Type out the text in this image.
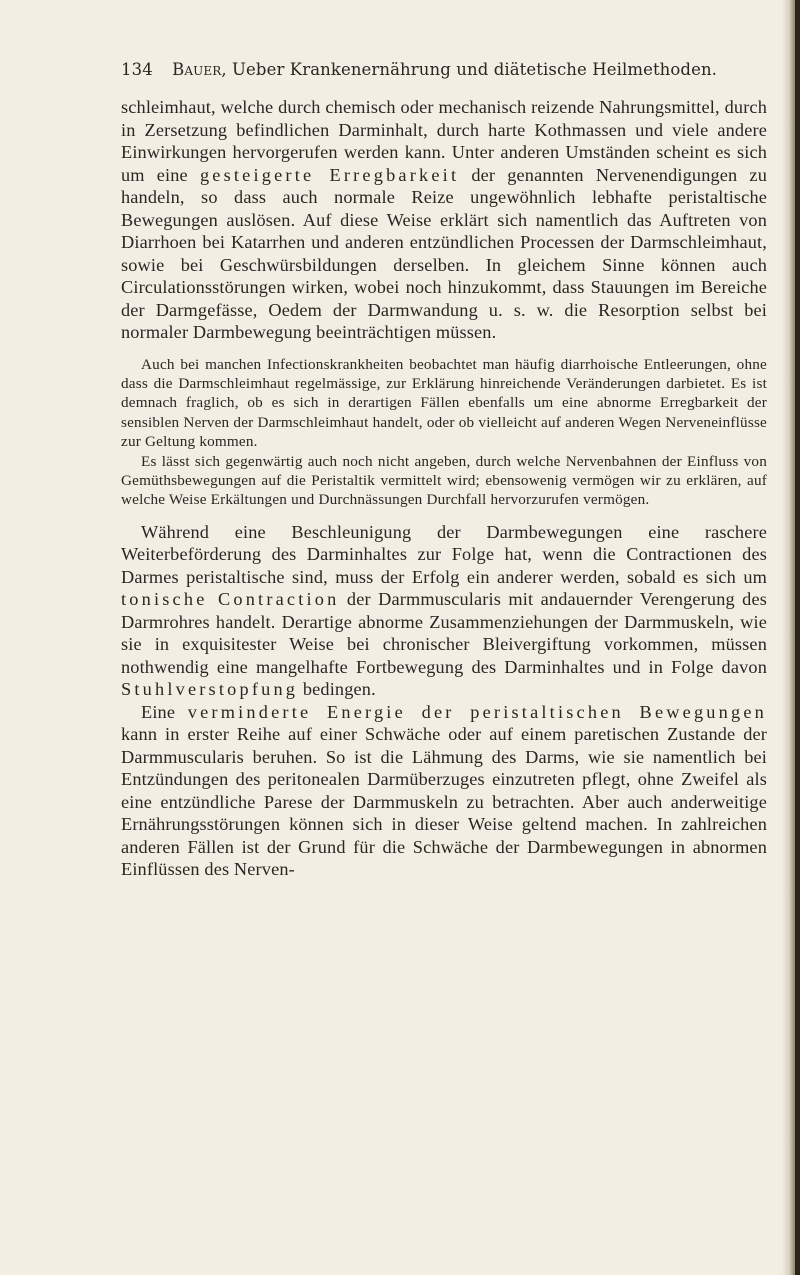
134 Bauer, Ueber Krankenernährung und diätetische Heilmethoden.

schleimhaut, welche durch chemisch oder mechanisch reizende Nahrungsmittel, durch in Zersetzung befindlichen Darminhalt, durch harte Kothmassen und viele andere Einwirkungen hervorgerufen werden kann. Unter anderen Umständen scheint es sich um eine gesteigerte Erregbarkeit der genannten Nervenendigungen zu handeln, so dass auch normale Reize ungewöhnlich lebhafte peristaltische Bewegungen auslösen. Auf diese Weise erklärt sich namentlich das Auftreten von Diarrhoen bei Katarrhen und anderen entzündlichen Processen der Darmschleimhaut, sowie bei Geschwürsbildungen derselben. In gleichem Sinne können auch Circulationsstörungen wirken, wobei noch hinzukommt, dass Stauungen im Bereiche der Darmgefässe, Oedem der Darmwandung u. s. w. die Resorption selbst bei normaler Darmbewegung beeinträchtigen müssen.

Auch bei manchen Infectionskrankheiten beobachtet man häufig diarrhoische Entleerungen, ohne dass die Darmschleimhaut regelmässige, zur Erklärung hinreichende Veränderungen darbietet. Es ist demnach fraglich, ob es sich in derartigen Fällen ebenfalls um eine abnorme Erregbarkeit der sensiblen Nerven der Darmschleimhaut handelt, oder ob vielleicht auf anderen Wegen Nerveneinflüsse zur Geltung kommen.

Es lässt sich gegenwärtig auch noch nicht angeben, durch welche Nervenbahnen der Einfluss von Gemüthsbewegungen auf die Peristaltik vermittelt wird; ebensowenig vermögen wir zu erklären, auf welche Weise Erkältungen und Durchnässungen Durchfall hervorzurufen vermögen.

Während eine Beschleunigung der Darmbewegungen eine raschere Weiterbeförderung des Darminhaltes zur Folge hat, wenn die Contractionen des Darmes peristaltische sind, muss der Erfolg ein anderer werden, sobald es sich um tonische Contraction der Darmmuscularis mit andauernder Verengerung des Darmrohres handelt. Derartige abnorme Zusammenziehungen der Darmmuskeln, wie sie in exquisitester Weise bei chronischer Bleivergiftung vorkommen, müssen nothwendig eine mangelhafte Fortbewegung des Darminhaltes und in Folge davon Stuhlverstopfung bedingen.

Eine verminderte Energie der peristaltischen Bewegungen kann in erster Reihe auf einer Schwäche oder auf einem paretischen Zustande der Darmmuscularis beruhen. So ist die Lähmung des Darms, wie sie namentlich bei Entzündungen des peritonealen Darmüberzuges einzutreten pflegt, ohne Zweifel als eine entzündliche Parese der Darmmuskeln zu betrachten. Aber auch anderweitige Ernährungsstörungen können sich in dieser Weise geltend machen. In zahlreichen anderen Fällen ist der Grund für die Schwäche der Darmbewegungen in abnormen Einflüssen des Nerven-
